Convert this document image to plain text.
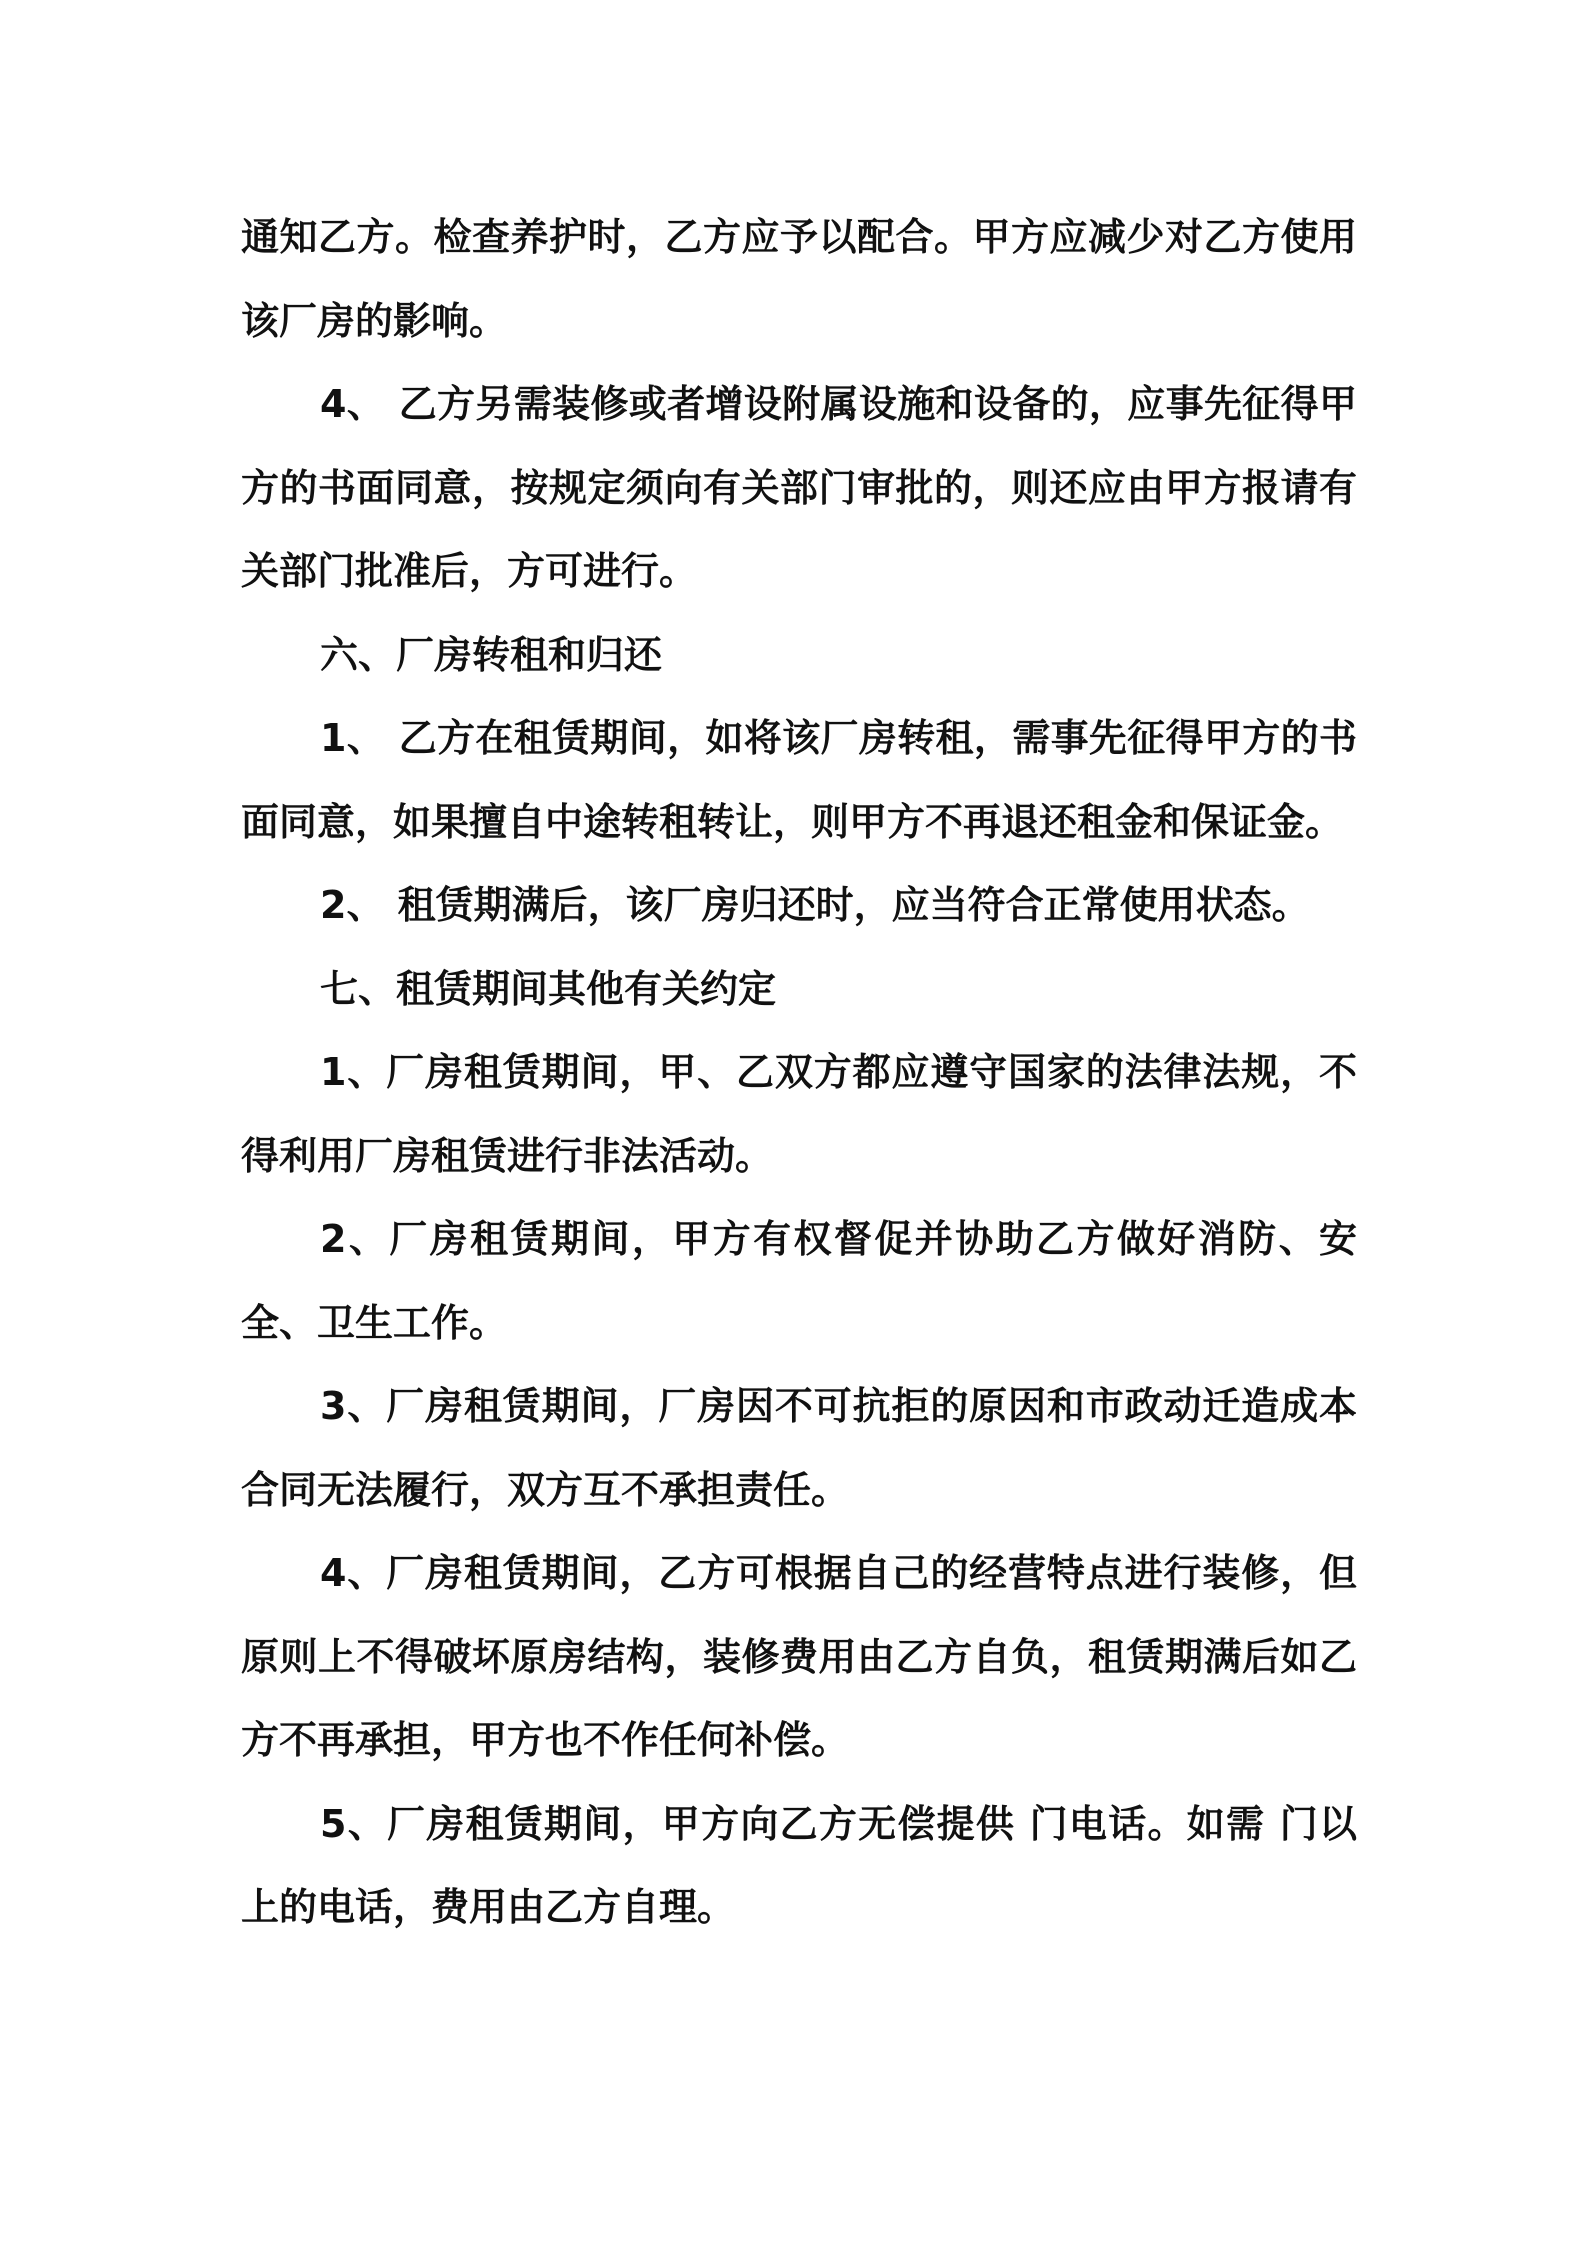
通知乙方。检查养护时，乙方应予以配合。甲方应减少对乙方使用该厂房的影响。

4、 乙方另需装修或者增设附属设施和设备的，应事先征得甲方的书面同意，按规定须向有关部门审批的，则还应由甲方报请有关部门批准后，方可进行。

六、厂房转租和归还

1、 乙方在租赁期间，如将该厂房转租，需事先征得甲方的书面同意，如果擅自中途转租转让，则甲方不再退还租金和保证金。

2、 租赁期满后，该厂房归还时，应当符合正常使用状态。

七、租赁期间其他有关约定

1、厂房租赁期间，甲、乙双方都应遵守国家的法律法规，不得利用厂房租赁进行非法活动。

2、厂房租赁期间，甲方有权督促并协助乙方做好消防、安全、卫生工作。

3、厂房租赁期间，厂房因不可抗拒的原因和市政动迁造成本合同无法履行，双方互不承担责任。

4、厂房租赁期间，乙方可根据自己的经营特点进行装修，但原则上不得破坏原房结构，装修费用由乙方自负，租赁期满后如乙方不再承担，甲方也不作任何补偿。

5、厂房租赁期间，甲方向乙方无偿提供 门电话。如需 门以上的电话，费用由乙方自理。
